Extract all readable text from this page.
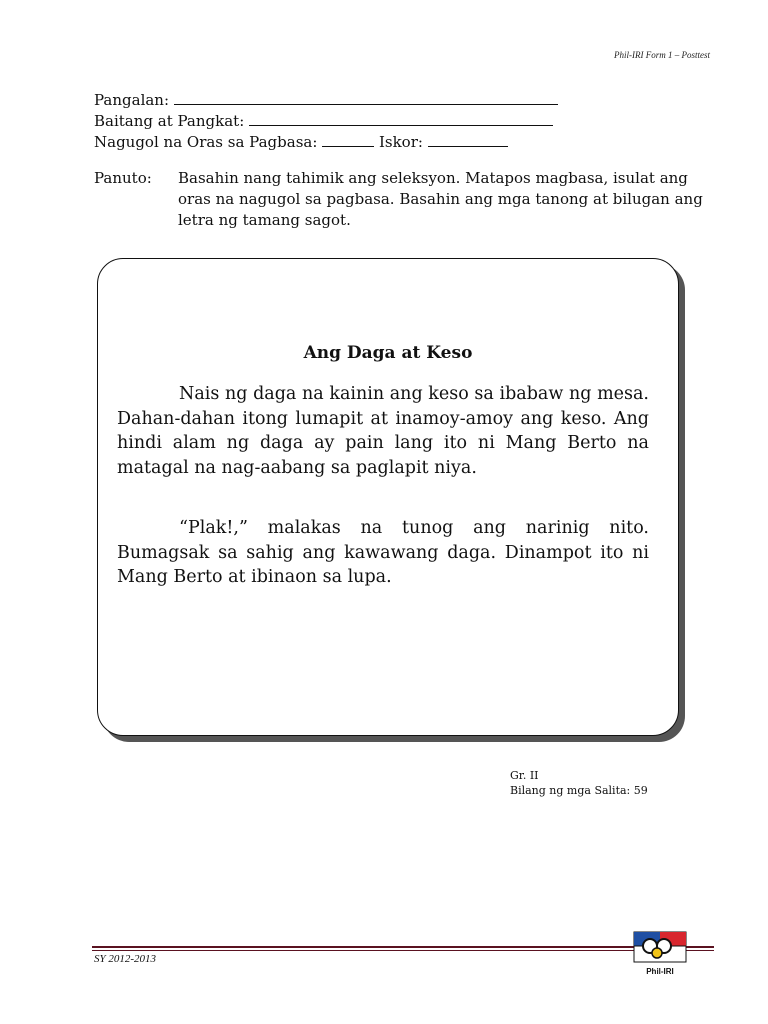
Phil-IRI Form 1 – Posttest
Pangalan:
Baitang at Pangkat:
Nagugol na Oras sa Pagbasa:	Iskor:
Panuto: Basahin nang tahimik ang seleksyon. Matapos magbasa, isulat ang oras na nagugol sa pagbasa. Basahin ang mga tanong at bilugan ang letra ng tamang sagot.
Ang Daga at Keso

Nais ng daga na kainin ang keso sa ibabaw ng mesa. Dahan-dahan itong lumapit at inamoy-amoy ang keso. Ang hindi alam ng daga ay pain lang ito ni Mang Berto na matagal na nag-aabang sa paglapit niya.

“Plak!,” malakas na tunog ang narinig nito. Bumagsak sa sahig ang kawawang daga. Dinampot ito ni Mang Berto at ibinaon sa lupa.

Gr. II
Bilang ng mga Salita: 59
SY 2012-2013
Phil-IRI
